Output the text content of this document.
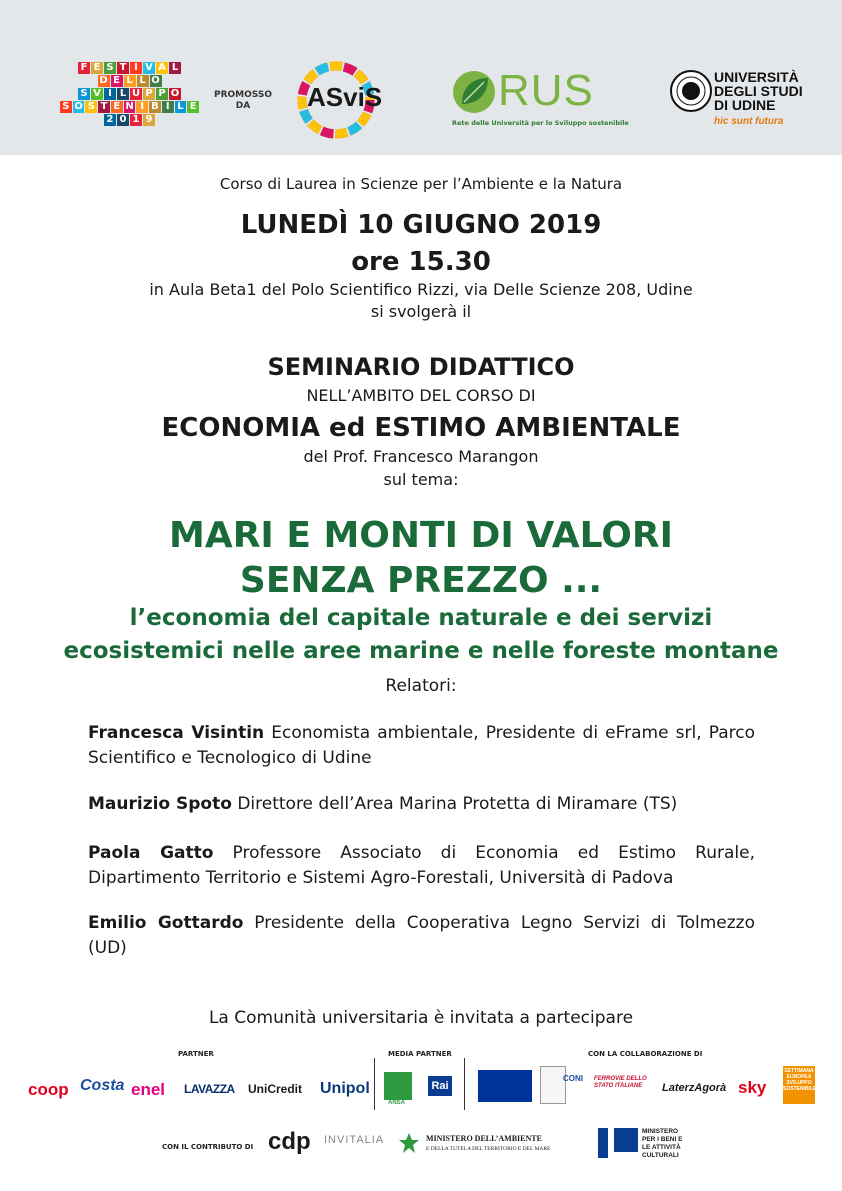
F E S T I V A L
D E L L O
S V I L U P P O
S O S T E N I B I L E
2 0 1 9
PROMOSSO
DA	ASviS	RUS
Rete delle Università per lo Sviluppo sostenibile
UNIVERSITÀ
DEGLI STUDI
DI UDINE
hic sunt futura
Corso di Laurea in Scienze per l’Ambiente e la Natura
LUNEDÌ 10 GIUGNO 2019
ore 15.30
in Aula Beta1 del Polo Scientifico Rizzi, via Delle Scienze 208, Udine
si svolgerà il
SEMINARIO DIDATTICO
NELL’AMBITO DEL CORSO DI
ECONOMIA ed ESTIMO AMBIENTALE
del Prof. Francesco Marangon
sul tema:
MARI E MONTI DI VALORI
SENZA PREZZO ...
l’economia del capitale naturale e dei servizi
ecosistemici nelle aree marine e nelle foreste montane
Relatori:
Francesca Visintin Economista ambientale, Presidente di eFrame srl, Parco Scientifico e Tecnologico di Udine
Maurizio Spoto Direttore dell’Area Marina Protetta di Miramare (TS)
Paola Gatto Professore Associato di Economia ed Estimo Rurale, Dipartimento Territorio e Sistemi Agro-Forestali, Università di Padova
Emilio Gottardo Presidente della Cooperativa Legno Servizi di Tolmezzo (UD)
La Comunità universitaria è invitata a partecipare
PARTNER	MEDIA PARTNER	CON LA COLLABORAZIONE DI
coop Costa enel LAVAZZA UniCredit Unipol
ANSA
Rai
CONI FERROVIE DELLO STATO ITALIANE	LaterzAgorà sky
SETTIMANA EUROPEA SVILUPPO SOSTENIBILE
CON IL CONTRIBUTO DI cdp INVITALIA	MINISTERO DELL’AMBIENTE
E DELLA TUTELA DEL TERRITORIO E DEL MARE
MINISTERO PER I BENI E LE ATTIVITÀ CULTURALI
